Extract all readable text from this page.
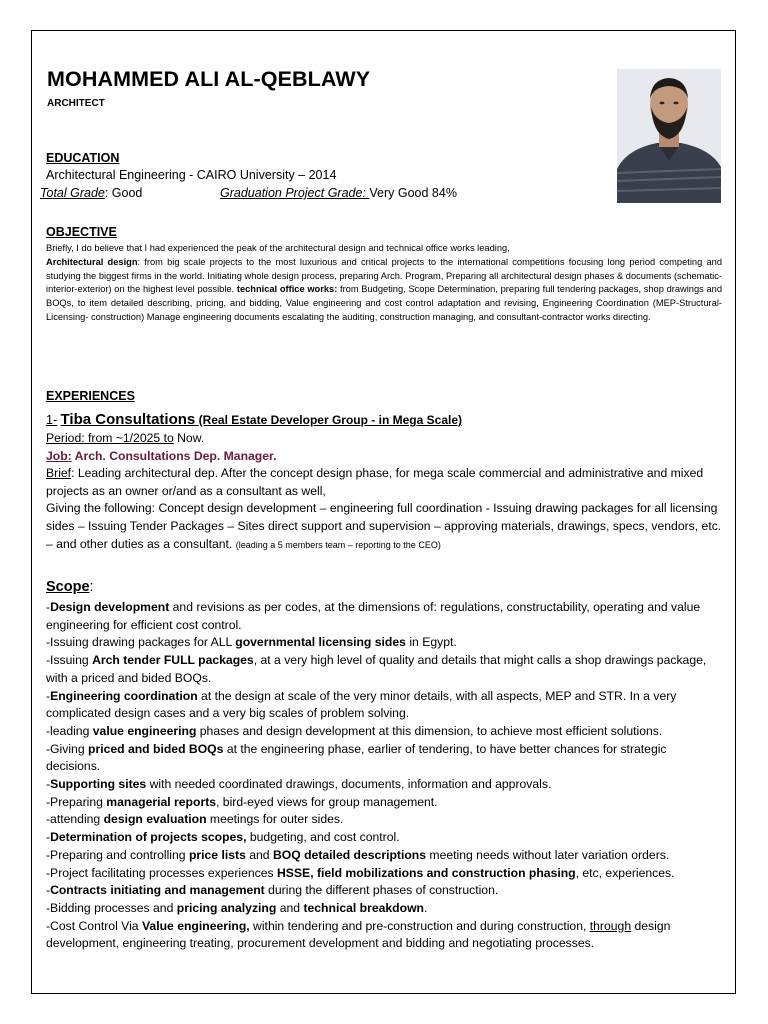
MOHAMMED ALI AL-QEBLAWY
ARCHITECT
EDUCATION
Architectural Engineering - CAIRO University – 2014
Total Grade: Good	Graduation Project Grade: Very Good 84%
OBJECTIVE
Briefly, I do believe that I had experienced the peak of the architectural design and technical office works leading,
Architectural design: from big scale projects to the most luxurious and critical projects to the international competitions focusing long period competing and studying the biggest firms in the world. Initiating whole design process, preparing Arch. Program, Preparing all architectural design phases & documents (schematic-interior-exterior) on the highest level possible. technical office works: from Budgeting, Scope Determination, preparing full tendering packages, shop drawings and BOQs, to item detailed describing, pricing, and bidding, Value engineering and cost control adaptation and revising, Engineering Coordination (MEP-Structural-Licensing- construction) Manage engineering documents escalating the auditing, construction managing, and consultant-contractor works directing.
EXPERIENCES

1- Tiba Consultations (Real Estate Developer Group - in Mega Scale)

Period: from ~1/2025 to Now.

Job: Arch. Consultations Dep. Manager.

Brief: Leading architectural dep. After the concept design phase, for mega scale commercial and administrative and mixed projects as an owner or/and as a consultant as well,

Giving the following: Concept design development – engineering full coordination - Issuing drawing packages for all licensing sides – Issuing Tender Packages – Sites direct support and supervision – approving materials, drawings, specs, vendors, etc. – and other duties as a consultant. (leading a 5 members team – reporting to the CEO)

Scope:

-Design development and revisions as per codes, at the dimensions of: regulations, constructability, operating and value engineering for efficient cost control.

-Issuing drawing packages for ALL governmental licensing sides in Egypt.

-Issuing Arch tender FULL packages, at a very high level of quality and details that might calls a shop drawings package, with a priced and bided BOQs.

-Engineering coordination at the design at scale of the very minor details, with all aspects, MEP and STR. In a very complicated design cases and a very big scales of problem solving.

-leading value engineering phases and design development at this dimension, to achieve most efficient solutions.

-Giving priced and bided BOQs at the engineering phase, earlier of tendering, to have better chances for strategic decisions.

-Supporting sites with needed coordinated drawings, documents, information and approvals.

-Preparing managerial reports, bird-eyed views for group management.

-attending design evaluation meetings for outer sides.

-Determination of projects scopes, budgeting, and cost control.

-Preparing and controlling price lists and BOQ detailed descriptions meeting needs without later variation orders.

-Project facilitating processes experiences HSSE, field mobilizations and construction phasing, etc, experiences.

-Contracts initiating and management during the different phases of construction.

-Bidding processes and pricing analyzing and technical breakdown.

-Cost Control Via Value engineering, within tendering and pre-construction and during construction, through design development, engineering treating, procurement development and bidding and negotiating processes.
